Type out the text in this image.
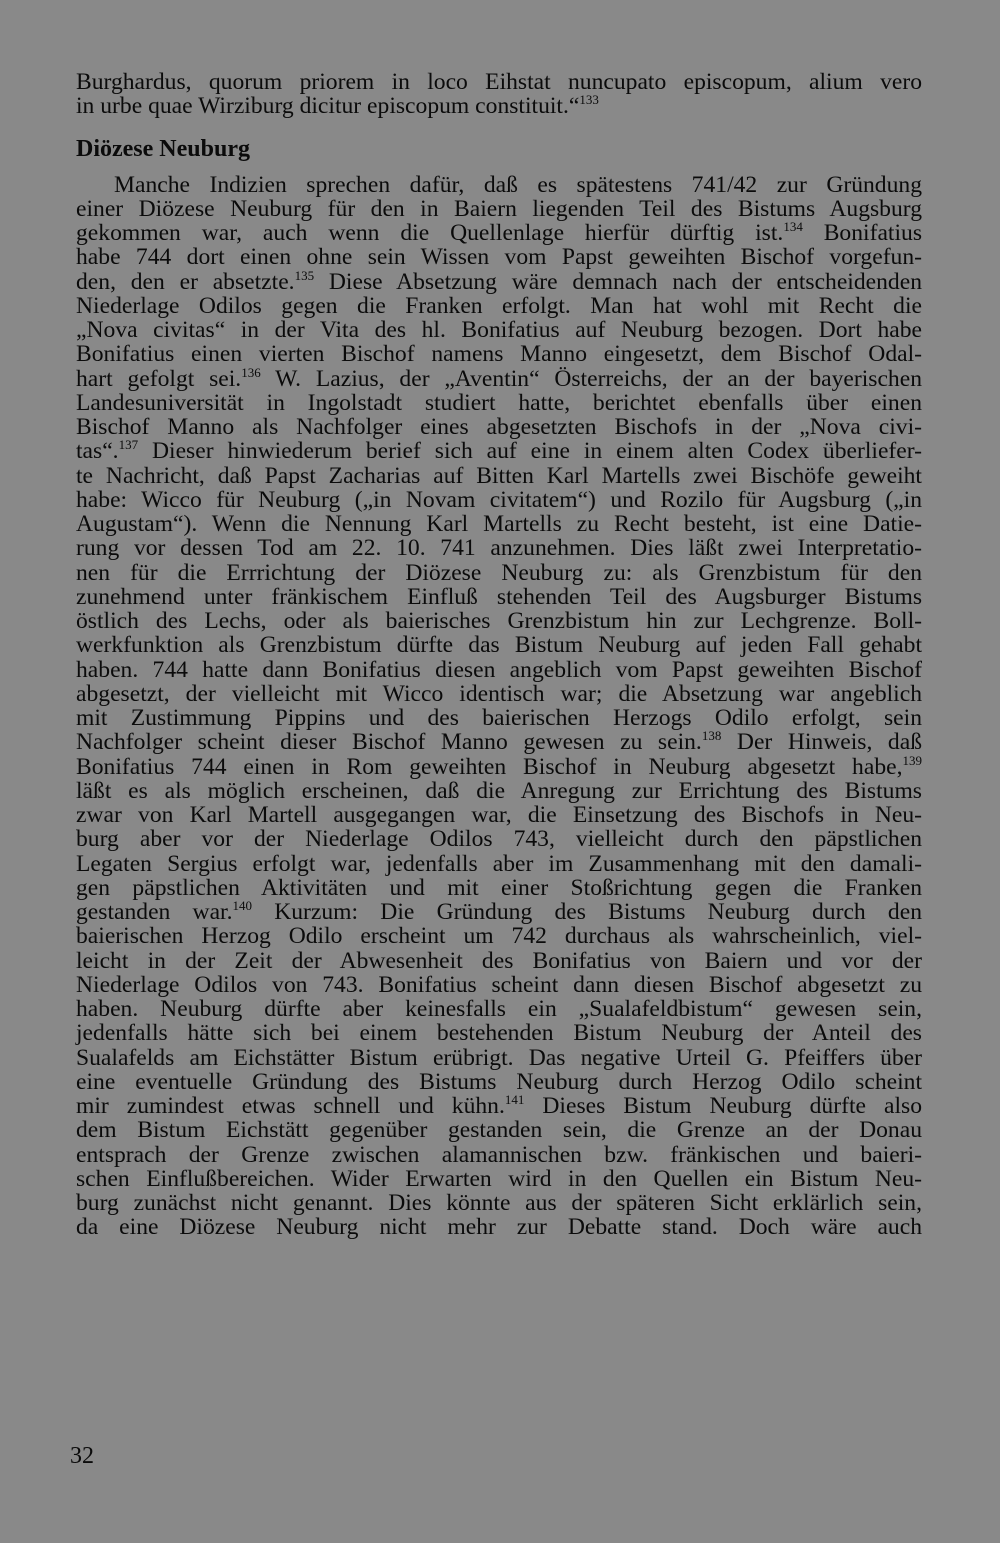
Burghardus, quorum priorem in loco Eihstat nuncupato episcopum, alium vero
in urbe quae Wirziburg dicitur episcopum constituit.“$^{133}$
Diözese Neuburg
Manche Indizien sprechen dafür, daß es spätestens 741/42 zur Gründung
einer Diözese Neuburg für den in Baiern liegenden Teil des Bistums Augsburg
gekommen war, auch wenn die Quellenlage hierfür dürftig ist.$^{134}$ Bonifatius
habe 744 dort einen ohne sein Wissen vom Papst geweihten Bischof vorgefun-
den, den er absetzte.$^{135}$ Diese Absetzung wäre demnach nach der entscheidenden
Niederlage Odilos gegen die Franken erfolgt. Man hat wohl mit Recht die
„Nova civitas“ in der Vita des hl. Bonifatius auf Neuburg bezogen. Dort habe
Bonifatius einen vierten Bischof namens Manno eingesetzt, dem Bischof Odal-
hart gefolgt sei.$^{136}$ W. Lazius, der „Aventin“ Österreichs, der an der bayerischen
Landesuniversität in Ingolstadt studiert hatte, berichtet ebenfalls über einen
Bischof Manno als Nachfolger eines abgesetzten Bischofs in der „Nova civi-
tas“.$^{137}$ Dieser hinwiederum berief sich auf eine in einem alten Codex überliefer-
te Nachricht, daß Papst Zacharias auf Bitten Karl Martells zwei Bischöfe geweiht
habe: Wicco für Neuburg („in Novam civitatem“) und Rozilo für Augsburg („in
Augustam“). Wenn die Nennung Karl Martells zu Recht besteht, ist eine Datie-
rung vor dessen Tod am 22. 10. 741 anzunehmen. Dies läßt zwei Interpretatio-
nen für die Errrichtung der Diözese Neuburg zu: als Grenzbistum für den
zunehmend unter fränkischem Einfluß stehenden Teil des Augsburger Bistums
östlich des Lechs, oder als baierisches Grenzbistum hin zur Lechgrenze. Boll-
werkfunktion als Grenzbistum dürfte das Bistum Neuburg auf jeden Fall gehabt
haben. 744 hatte dann Bonifatius diesen angeblich vom Papst geweihten Bischof
abgesetzt, der vielleicht mit Wicco identisch war; die Absetzung war angeblich
mit Zustimmung Pippins und des baierischen Herzogs Odilo erfolgt, sein
Nachfolger scheint dieser Bischof Manno gewesen zu sein.$^{138}$ Der Hinweis, daß
Bonifatius 744 einen in Rom geweihten Bischof in Neuburg abgesetzt habe,$^{139}$
läßt es als möglich erscheinen, daß die Anregung zur Errichtung des Bistums
zwar von Karl Martell ausgegangen war, die Einsetzung des Bischofs in Neu-
burg aber vor der Niederlage Odilos 743, vielleicht durch den päpstlichen
Legaten Sergius erfolgt war, jedenfalls aber im Zusammenhang mit den damali-
gen päpstlichen Aktivitäten und mit einer Stoßrichtung gegen die Franken
gestanden war.$^{140}$ Kurzum: Die Gründung des Bistums Neuburg durch den
baierischen Herzog Odilo erscheint um 742 durchaus als wahrscheinlich, viel-
leicht in der Zeit der Abwesenheit des Bonifatius von Baiern und vor der
Niederlage Odilos von 743. Bonifatius scheint dann diesen Bischof abgesetzt zu
haben. Neuburg dürfte aber keinesfalls ein „Sualafeldbistum“ gewesen sein,
jedenfalls hätte sich bei einem bestehenden Bistum Neuburg der Anteil des
Sualafelds am Eichstätter Bistum erübrigt. Das negative Urteil G. Pfeiffers über
eine eventuelle Gründung des Bistums Neuburg durch Herzog Odilo scheint
mir zumindest etwas schnell und kühn.$^{141}$ Dieses Bistum Neuburg dürfte also
dem Bistum Eichstätt gegenüber gestanden sein, die Grenze an der Donau
entsprach der Grenze zwischen alamannischen bzw. fränkischen und baieri-
schen Einflußbereichen. Wider Erwarten wird in den Quellen ein Bistum Neu-
burg zunächst nicht genannt. Dies könnte aus der späteren Sicht erklärlich sein,
da eine Diözese Neuburg nicht mehr zur Debatte stand. Doch wäre auch
32
